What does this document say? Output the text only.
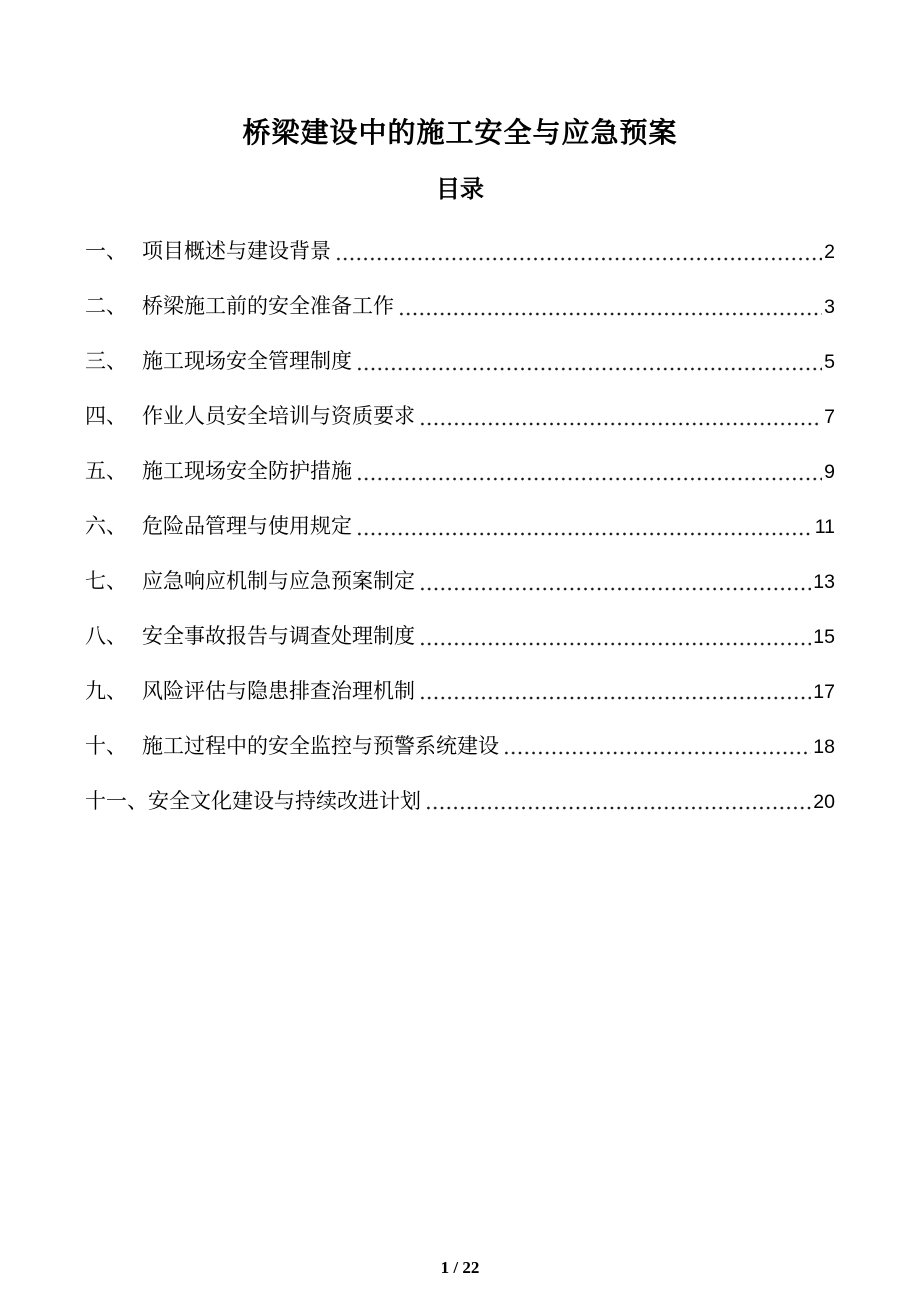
桥梁建设中的施工安全与应急预案
目录
一、 项目概述与建设背景	2
二、 桥梁施工前的安全准备工作	3
三、 施工现场安全管理制度	5
四、 作业人员安全培训与资质要求	7
五、 施工现场安全防护措施	9
六、 危险品管理与使用规定	11
七、 应急响应机制与应急预案制定	13
八、 安全事故报告与调查处理制度	15
九、 风险评估与隐患排查治理机制	17
十、 施工过程中的安全监控与预警系统建设	18
十一、 安全文化建设与持续改进计划	20
1 / 22
